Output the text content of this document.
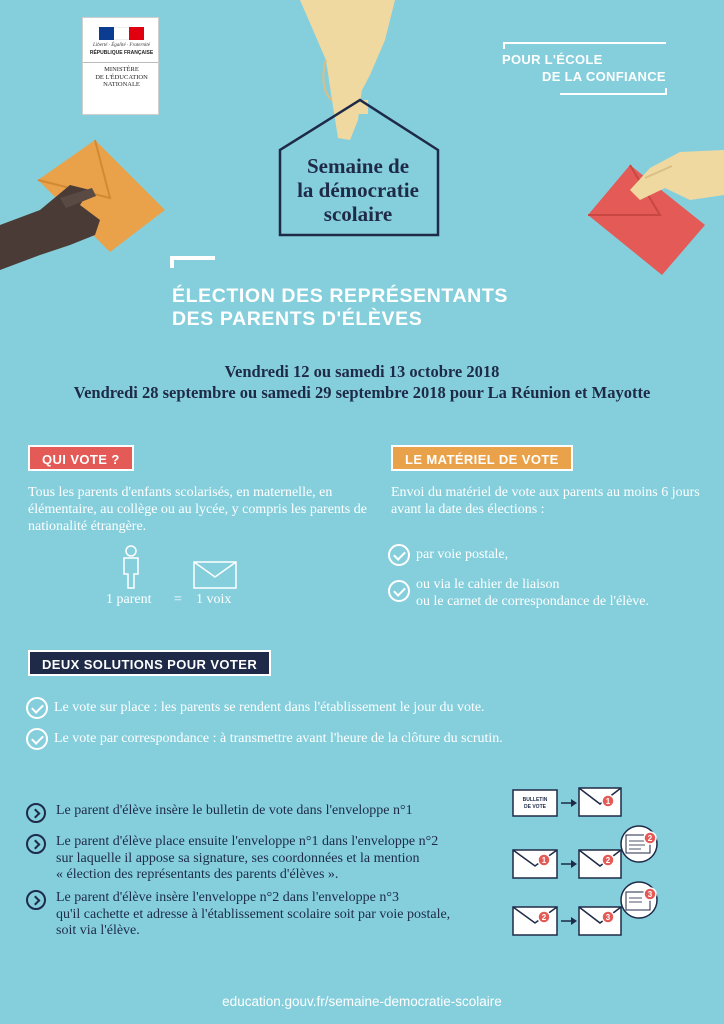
Liberté · Égalité · Fraternité
RÉPUBLIQUE FRANÇAISE
MINISTÈRE
DE L'ÉDUCATION
NATIONALE
POUR L'ÉCOLE
DE LA CONFIANCE
Semaine de
la démocratie
scolaire
ÉLECTION DES REPRÉSENTANTS
DES PARENTS D'ÉLÈVES
Vendredi 12 ou samedi 13 octobre 2018
Vendredi 28 septembre ou samedi 29 septembre 2018 pour La Réunion et Mayotte
QUI VOTE ?
Tous les parents d'enfants scolarisés, en maternelle, en élémentaire, au collège ou au lycée, y compris les parents de nationalité étrangère.
1 parent = 1 voix
LE MATÉRIEL DE VOTE
Envoi du matériel de vote aux parents au moins 6 jours avant la date des élections :
par voie postale,
ou via le cahier de liaison
ou le carnet de correspondance de l'élève.
DEUX SOLUTIONS POUR VOTER
Le vote sur place : les parents se rendent dans l'établissement le jour du vote.
Le vote par correspondance : à transmettre avant l'heure de la clôture du scrutin.
Le parent d'élève insère le bulletin de vote dans l'enveloppe n°1
Le parent d'élève place ensuite l'enveloppe n°1 dans l'enveloppe n°2
sur laquelle il appose sa signature, ses coordonnées et la mention
« élection des représentants des parents d'élèves ».
Le parent d'élève insère l'enveloppe n°2 dans l'enveloppe n°3
qu'il cachette et adresse à l'établissement scolaire soit par voie postale,
soit via l'élève.
BULLETIN
DE VOTE
1
1	2
2
2	3
3
education.gouv.fr/semaine-democratie-scolaire
